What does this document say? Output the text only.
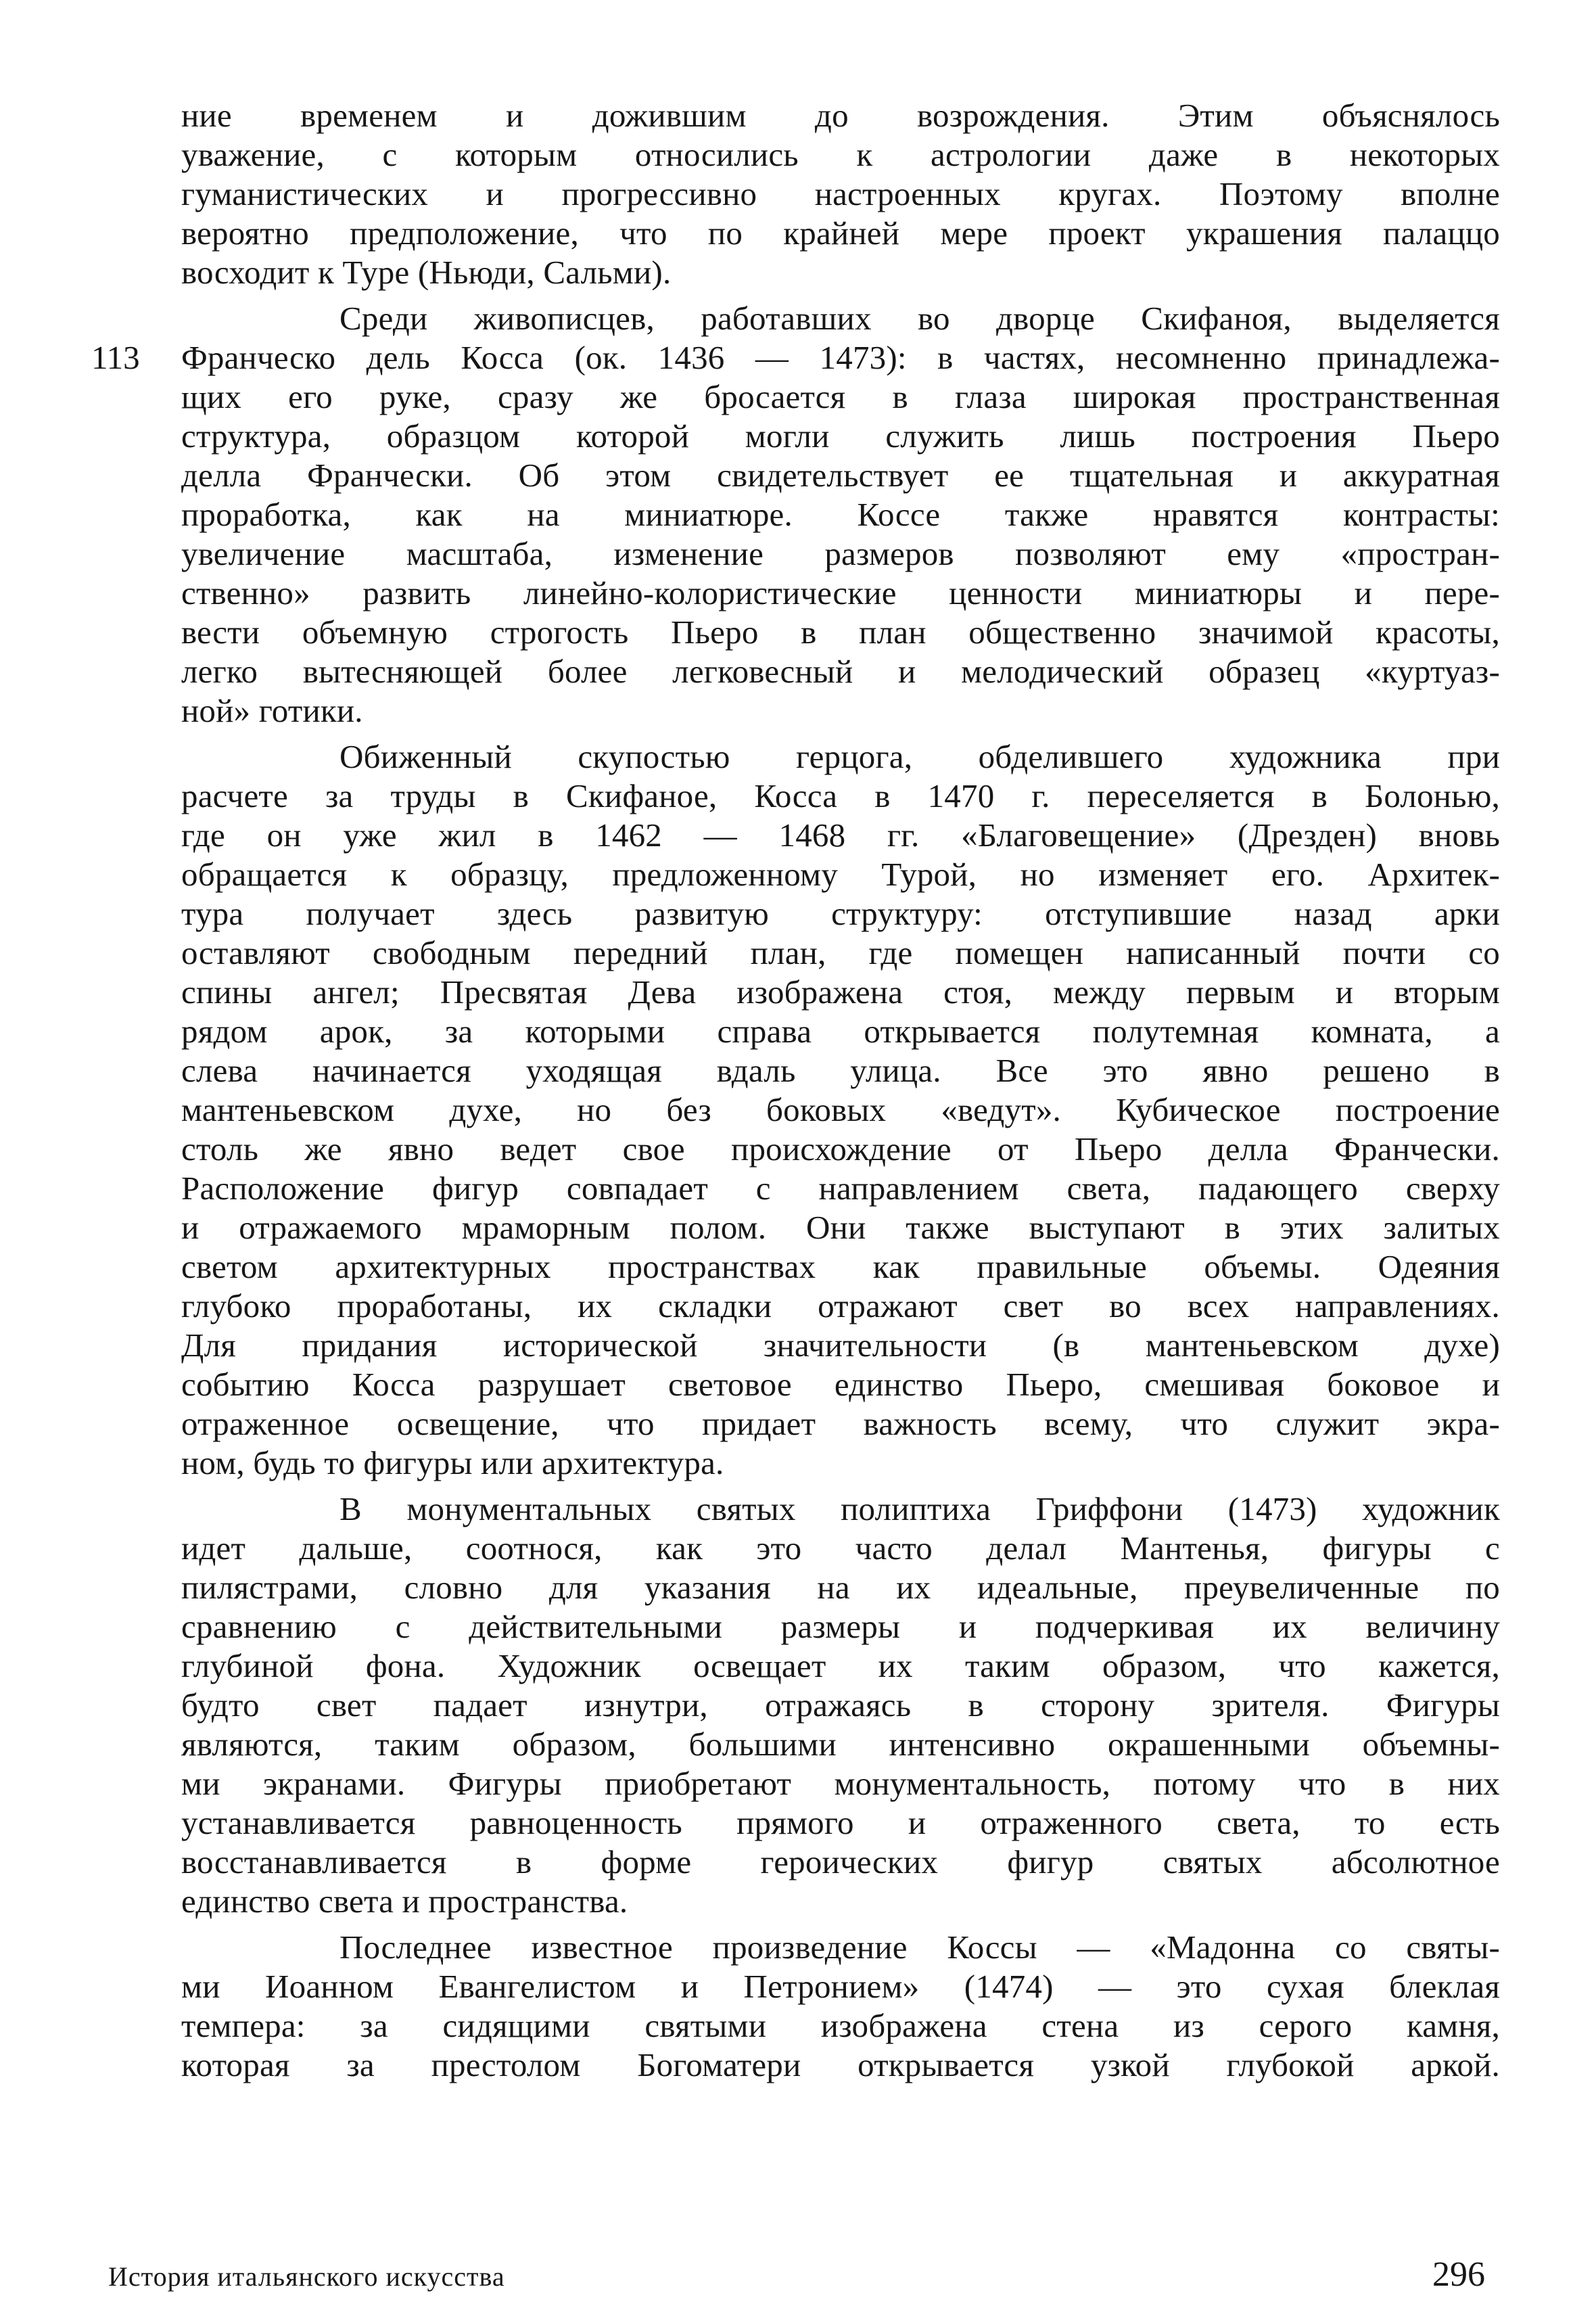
113
ние временем и дожившим до возрождения. Этим объяснялось
уважение, с которым относились к астрологии даже в некоторых
гуманистических и прогрессивно настроенных кругах. Поэтому вполне
вероятно предположение, что по крайней мере проект украшения палаццо
восходит к Туре (Ньюди, Сальми).
Среди живописцев, работавших во дворце Скифаноя, выделяется
Франческо дель Косса (ок. 1436 — 1473): в частях, несомненно принадлежа-
щих его руке, сразу же бросается в глаза широкая пространственная
структура, образцом которой могли служить лишь построения Пьеро
делла Франчески. Об этом свидетельствует ее тщательная и аккуратная
проработка, как на миниатюре. Коссе также нравятся контрасты:
увеличение масштаба, изменение размеров позволяют ему «простран-
ственно» развить линейно-колористические ценности миниатюры и пере-
вести объемную строгость Пьеро в план общественно значимой красоты,
легко вытесняющей более легковесный и мелодический образец «куртуаз-
ной» готики.
Обиженный скупостью герцога, обделившего художника при
расчете за труды в Скифаное, Косса в 1470 г. переселяется в Болонью,
где он уже жил в 1462 — 1468 гг. «Благовещение» (Дрезден) вновь
обращается к образцу, предложенному Турой, но изменяет его. Архитек-
тура получает здесь развитую структуру: отступившие назад арки
оставляют свободным передний план, где помещен написанный почти со
спины ангел; Пресвятая Дева изображена стоя, между первым и вторым
рядом арок, за которыми справа открывается полутемная комната, а
слева начинается уходящая вдаль улица. Все это явно решено в
мантеньевском духе, но без боковых «ведут». Кубическое построение
столь же явно ведет свое происхождение от Пьеро делла Франчески.
Расположение фигур совпадает с направлением света, падающего сверху
и отражаемого мраморным полом. Они также выступают в этих залитых
светом архитектурных пространствах как правильные объемы. Одеяния
глубоко проработаны, их складки отражают свет во всех направлениях.
Для придания исторической значительности (в мантеньевском духе)
событию Косса разрушает световое единство Пьеро, смешивая боковое и
отраженное освещение, что придает важность всему, что служит экра-
ном, будь то фигуры или архитектура.
В монументальных святых полиптиха Гриффони (1473) художник
идет дальше, соотнося, как это часто делал Мантенья, фигуры с
пилястрами, словно для указания на их идеальные, преувеличенные по
сравнению с действительными размеры и подчеркивая их величину
глубиной фона. Художник освещает их таким образом, что кажется,
будто свет падает изнутри, отражаясь в сторону зрителя. Фигуры
являются, таким образом, большими интенсивно окрашенными объемны-
ми экранами. Фигуры приобретают монументальность, потому что в них
устанавливается равноценность прямого и отраженного света, то есть
восстанавливается в форме героических фигур святых абсолютное
единство света и пространства.
Последнее известное произведение Коссы — «Мадонна со святы-
ми Иоанном Евангелистом и Петронием» (1474) — это сухая блеклая
темпера: за сидящими святыми изображена стена из серого камня,
которая за престолом Богоматери открывается узкой глубокой аркой.
История итальянского искусства	296
